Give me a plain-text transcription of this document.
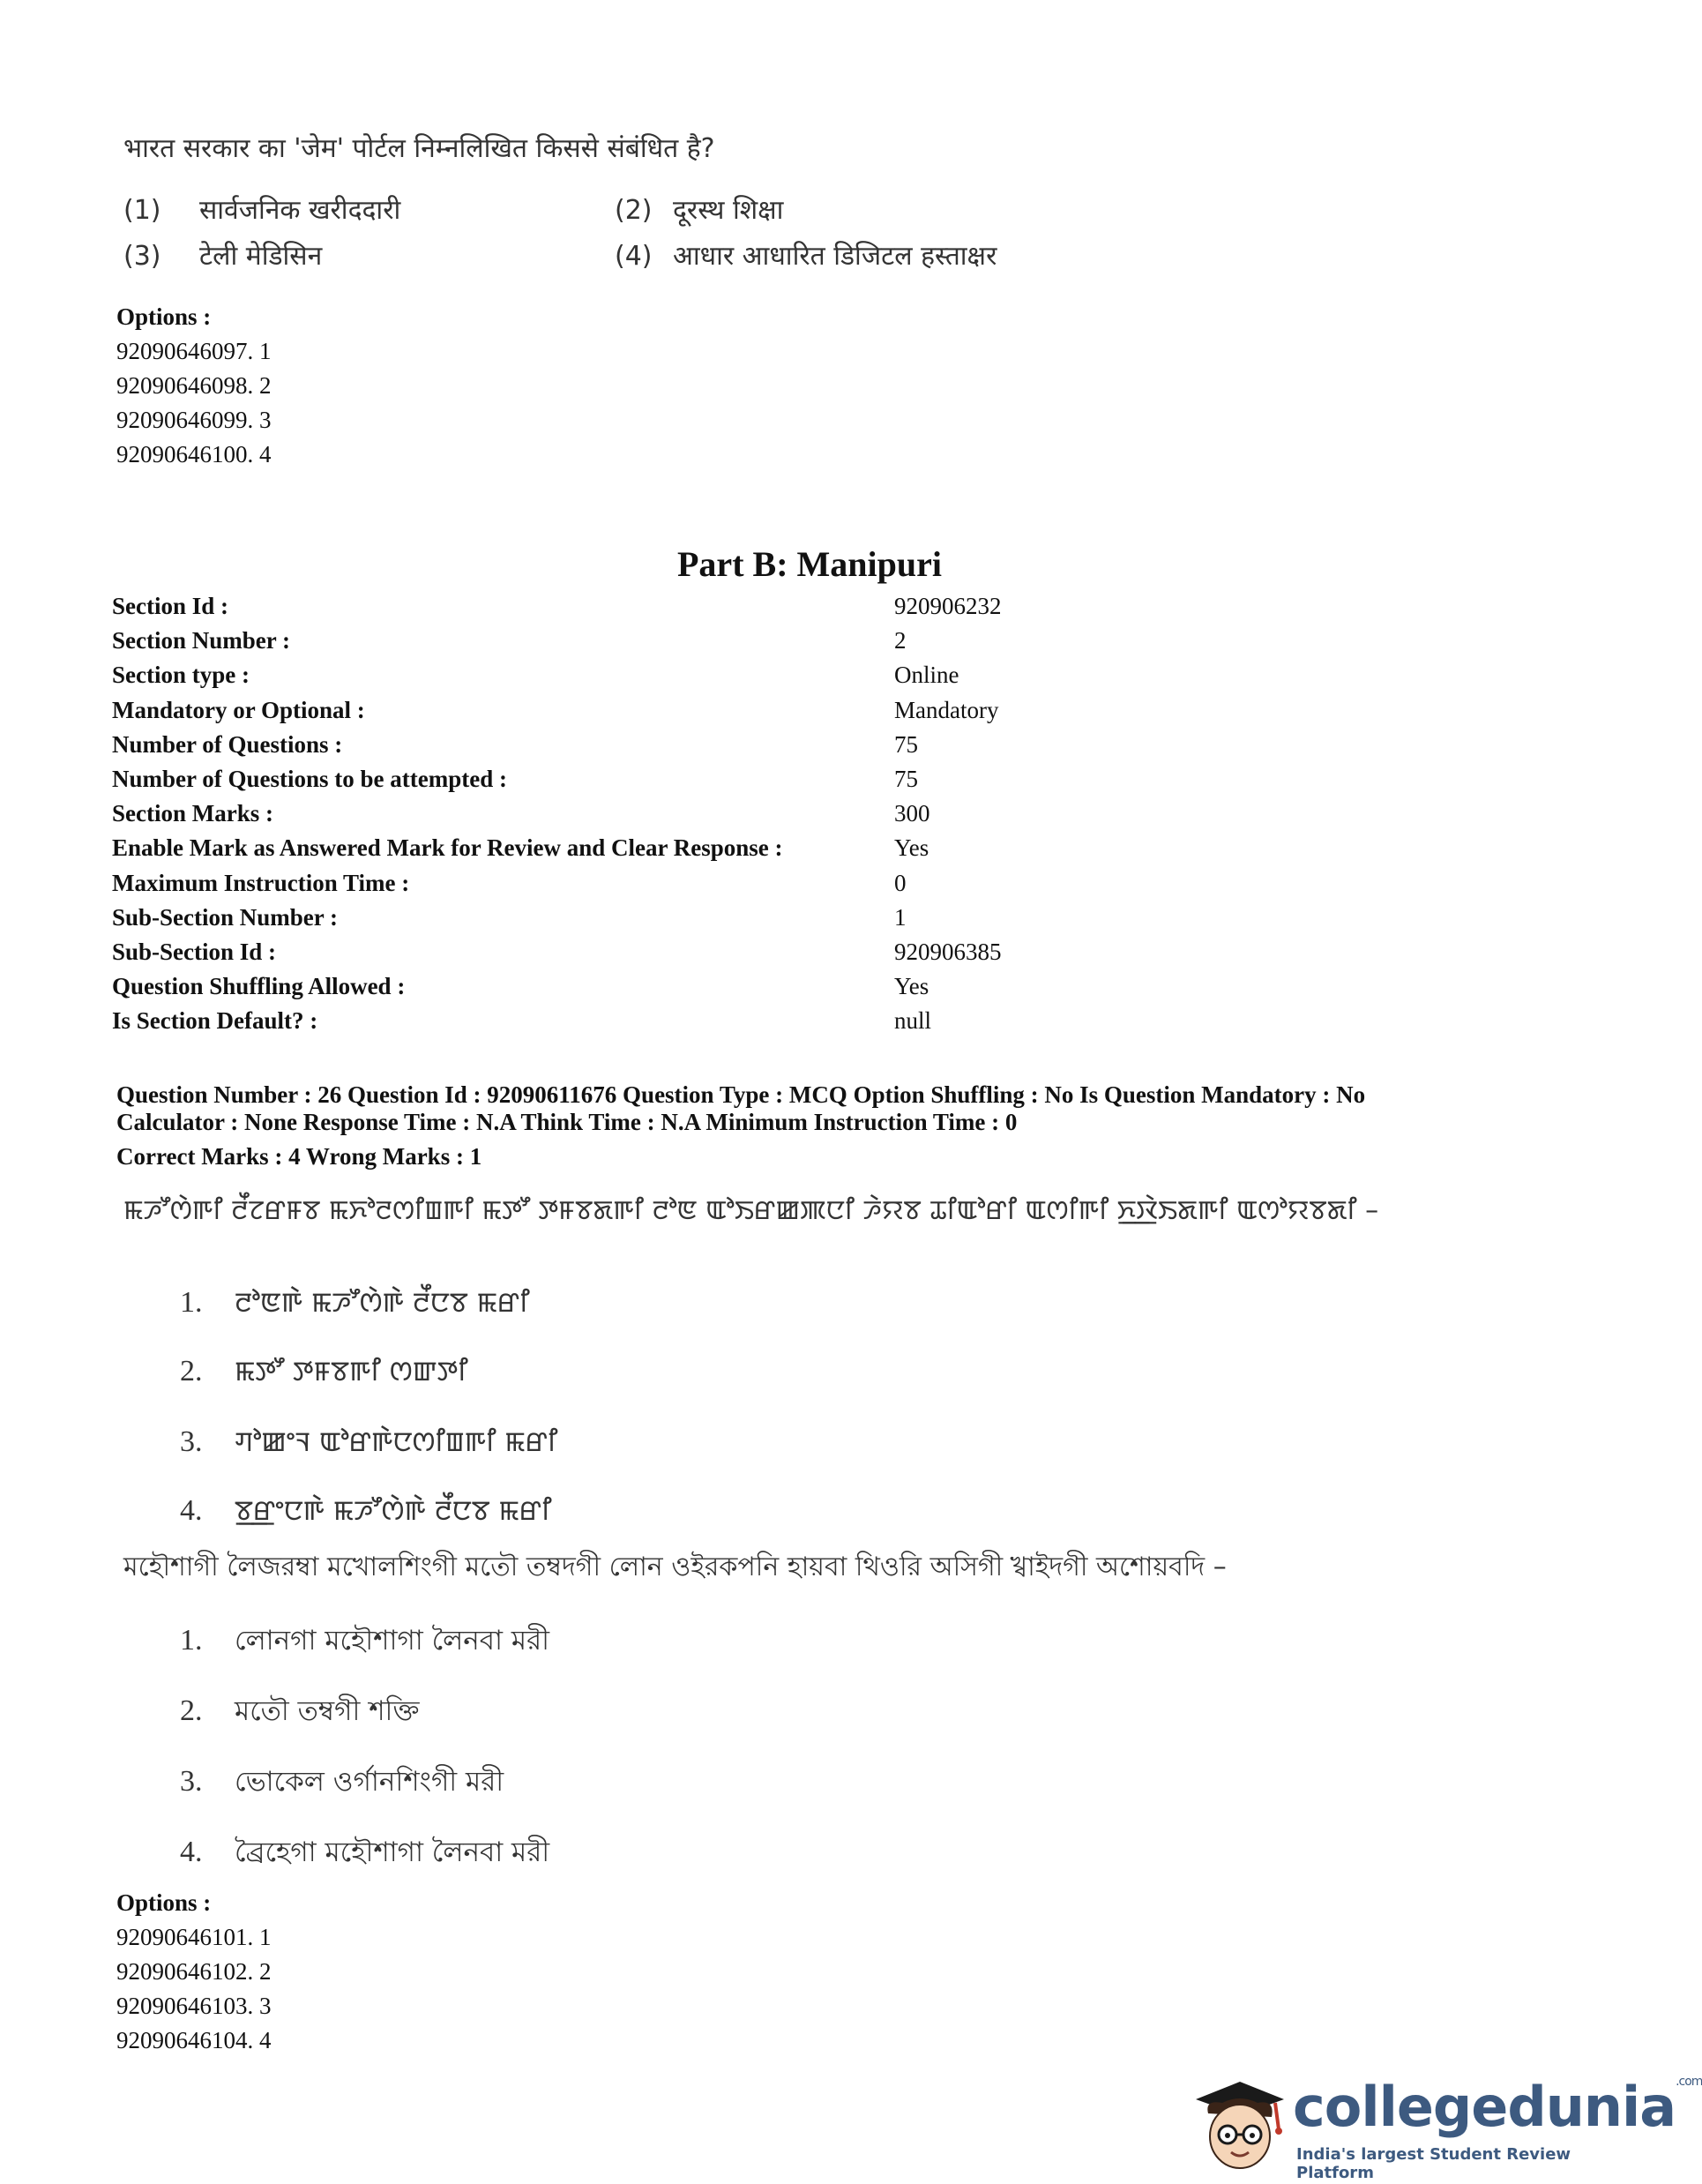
भारत सरकार का 'जेम' पोर्टल निम्नलिखित किससे संबंधित है?
(1) सार्वजनिक खरीददारी	(2) दूरस्थ शिक्षा
(3) टेली मेडिसिन	(4) आधार आधारित डिजिटल हस्ताक्षर
Options :
92090646097. 1
92090646098. 2
92090646099. 3
92090646100. 4
Part B: Manipuri
Section Id :	920906232
Section Number :	2
Section type :	Online
Mandatory or Optional :	Mandatory
Number of Questions :	75
Number of Questions to be attempted :	75
Section Marks :	300
Enable Mark as Answered Mark for Review and Clear Response :	Yes
Maximum Instruction Time :	0
Sub-Section Number :	1
Sub-Section Id :	920906385
Question Shuffling Allowed :	Yes
Is Section Default? :	null
Question Number : 26 Question Id : 92090611676 Question Type : MCQ Option Shuffling : No Is Question Mandatory : No
Calculator : None Response Time : N.A Think Time : N.A Minimum Instruction Time : 0
Correct Marks : 4 Wrong Marks : 1
ꯃꯍꯧꯁꯥꯒꯤ ꯂꯩꯖꯔꯝꯕ ꯃꯈꯣꯂꯁꯤꯡꯒꯤ ꯃꯇꯧ ꯇꯝꯕꯗꯒꯤ ꯂꯣꯟ ꯑꯣꯏꯔꯀꯄꯅꯤ ꯍꯥꯌꯕ ꯊꯤꯑꯣꯔꯤ ꯑꯁꯤꯒꯤ ꯈ꯭ꯋꯥꯏꯗꯒꯤ ꯑꯁꯣꯌꯕꯗꯤ –
1. ꯂꯣꯟꯒꯥ ꯃꯍꯧꯁꯥꯒꯥ ꯂꯩꯅꯕ ꯃꯔꯤ
2. ꯃꯇꯧ ꯇꯝꯕꯒꯤ ꯁꯛꯇꯤ
3. ꯚꯣꯀꯦꯜ ꯑꯣꯔꯒꯥꯅꯁꯤꯡꯒꯤ ꯃꯔꯤ
4. ꯕ꯭ꯔꯦꯅꯒꯥ ꯃꯍꯧꯁꯥꯒꯥ ꯂꯩꯅꯕ ꯃꯔꯤ
মহৌশাগী লৈজরম্বা মখোলশিংগী মতৌ তম্বদগী লোন ওইরকপনি হায়বা থিওরি অসিগী খ্বাইদগী অশোয়বদি –
1. লোনগা মহৌশাগা লৈনবা মরী
2. মতৌ তম্বগী শক্তি
3. ভোকেল ওর্গানশিংগী মরী
4. ব্রৈহেগা মহৌশাগা লৈনবা মরী
Options :
92090646101. 1
92090646102. 2
92090646103. 3
92090646104. 4
collegedunia$^{.com}$
India's largest Student Review Platform
